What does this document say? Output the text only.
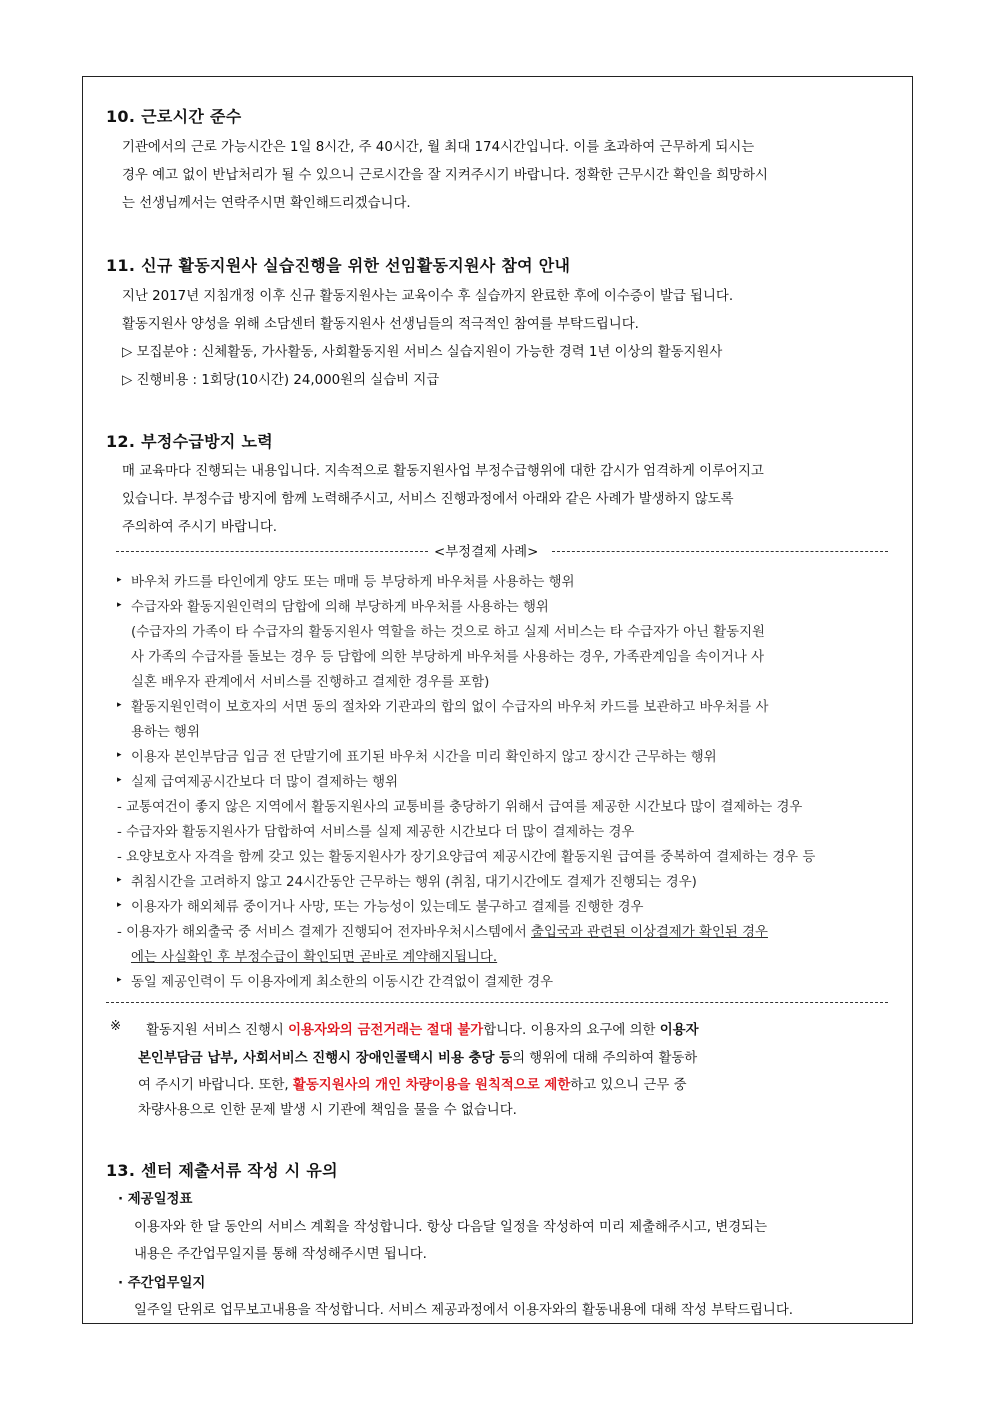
10. 근로시간 준수
기관에서의 근로 가능시간은 1일 8시간, 주 40시간, 월 최대 174시간입니다. 이를 초과하여 근무하게 되시는
경우 예고 없이 반납처리가 될 수 있으니 근로시간을 잘 지켜주시기 바랍니다. 정확한 근무시간 확인을 희망하시
는 선생님께서는 연락주시면 확인해드리겠습니다.
11. 신규 활동지원사 실습진행을 위한 선임활동지원사 참여 안내
지난 2017년 지침개정 이후 신규 활동지원사는 교육이수 후 실습까지 완료한 후에 이수증이 발급 됩니다.
활동지원사 양성을 위해 소담센터 활동지원사 선생님들의 적극적인 참여를 부탁드립니다.
▷ 모집분야 : 신체활동, 가사활동, 사회활동지원 서비스 실습지원이 가능한 경력 1년 이상의 활동지원사
▷ 진행비용 : 1회당(10시간) 24,000원의 실습비 지급
12. 부정수급방지 노력
매 교육마다 진행되는 내용입니다. 지속적으로 활동지원사업 부정수급행위에 대한 감시가 엄격하게 이루어지고
있습니다. 부정수급 방지에 함께 노력해주시고, 서비스 진행과정에서 아래와 같은 사례가 발생하지 않도록
주의하여 주시기 바랍니다.
<부정결제 사례>
▸ 바우처 카드를 타인에게 양도 또는 매매 등 부당하게 바우처를 사용하는 행위
▸ 수급자와 활동지원인력의 담합에 의해 부당하게 바우처를 사용하는 행위
(수급자의 가족이 타 수급자의 활동지원사 역할을 하는 것으로 하고 실제 서비스는 타 수급자가 아닌 활동지원
사 가족의 수급자를 돌보는 경우 등 담합에 의한 부당하게 바우처를 사용하는 경우, 가족관계임을 속이거나 사
실혼 배우자 관계에서 서비스를 진행하고 결제한 경우를 포함)
▸ 활동지원인력이 보호자의 서면 동의 절차와 기관과의 합의 없이 수급자의 바우처 카드를 보관하고 바우처를 사
용하는 행위
▸ 이용자 본인부담금 입금 전 단말기에 표기된 바우처 시간을 미리 확인하지 않고 장시간 근무하는 행위
▸ 실제 급여제공시간보다 더 많이 결제하는 행위
- 교통여건이 좋지 않은 지역에서 활동지원사의 교통비를 충당하기 위해서 급여를 제공한 시간보다 많이 결제하는 경우
- 수급자와 활동지원사가 담합하여 서비스를 실제 제공한 시간보다 더 많이 결제하는 경우
- 요양보호사 자격을 함께 갖고 있는 활동지원사가 장기요양급여 제공시간에 활동지원 급여를 중복하여 결제하는 경우 등
▸ 취침시간을 고려하지 않고 24시간동안 근무하는 행위 (취침, 대기시간에도 결제가 진행되는 경우)
▸ 이용자가 해외체류 중이거나 사망, 또는 가능성이 있는데도 불구하고 결제를 진행한 경우
- 이용자가 해외출국 중 서비스 결제가 진행되어 전자바우처시스템에서 출입국과 관련된 이상결제가 확인된 경우
에는 사실확인 후 부정수급이 확인되면 곧바로 계약해지됩니다.
▸ 동일 제공인력이 두 이용자에게 최소한의 이동시간 간격없이 결제한 경우
※ 활동지원 서비스 진행시 이용자와의 금전거래는 절대 불가합니다. 이용자의 요구에 의한 이용자
본인부담금 납부, 사회서비스 진행시 장애인콜택시 비용 충당 등의 행위에 대해 주의하여 활동하
여 주시기 바랍니다. 또한, 활동지원사의 개인 차량이용을 원칙적으로 제한하고 있으니 근무 중
차량사용으로 인한 문제 발생 시 기관에 책임을 물을 수 없습니다.
13. 센터 제출서류 작성 시 유의
· 제공일정표
이용자와 한 달 동안의 서비스 계획을 작성합니다. 항상 다음달 일정을 작성하여 미리 제출해주시고, 변경되는
내용은 주간업무일지를 통해 작성해주시면 됩니다.
· 주간업무일지
일주일 단위로 업무보고내용을 작성합니다. 서비스 제공과정에서 이용자와의 활동내용에 대해 작성 부탁드립니다.
